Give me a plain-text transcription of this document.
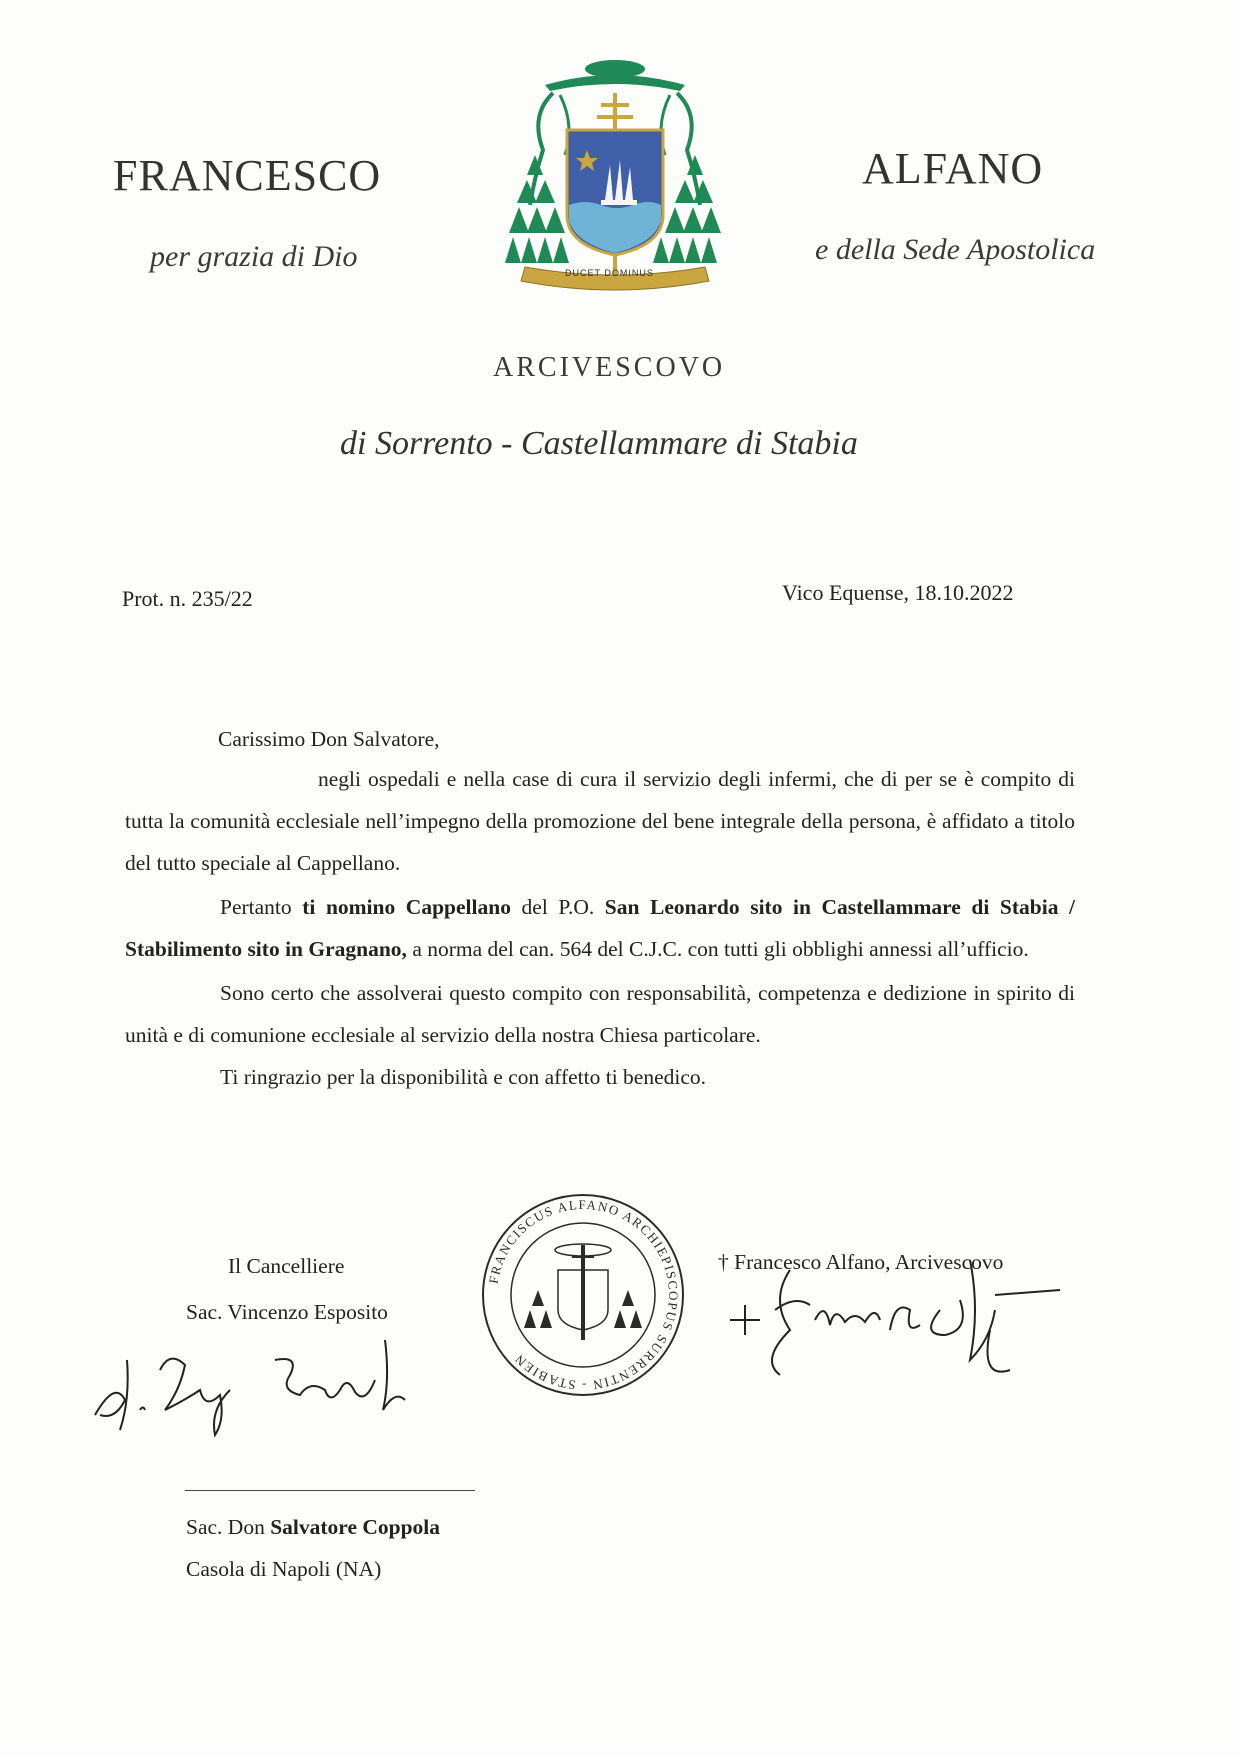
FRANCESCO	ALFANO
per grazia di Dio	e della Sede Apostolica
DUCET DOMINUS
ARCIVESCOVO
di Sorrento - Castellammare di Stabia
Prot. n. 235/22	Vico Equense, 18.10.2022
Carissimo Don Salvatore,

negli ospedali e nella case di cura il servizio degli infermi, che di per se è compito di tutta la comunità ecclesiale nell’impegno della promozione del bene integrale della persona, è affidato a titolo del tutto speciale al Cappellano.

Pertanto ti nomino Cappellano del P.O. San Leonardo sito in Castellammare di Stabia / Stabilimento sito in Gragnano, a norma del can. 564 del C.J.C. con tutti gli obblighi annessi all’ufficio.

Sono certo che assolverai questo compito con responsabilità, competenza e dedizione in spirito di unità e di comunione ecclesiale al servizio della nostra Chiesa particolare.

Ti ringrazio per la disponibilità e con affetto ti benedico.

Il Cancelliere
Sac. Vincenzo Esposito
FRANCISCUS ALFANO ARCHIEPISCOPUS SURRENTIN - STABIEN
† Francesco Alfano, Arcivescovo
Sac. Don Salvatore Coppola
Casola di Napoli (NA)
